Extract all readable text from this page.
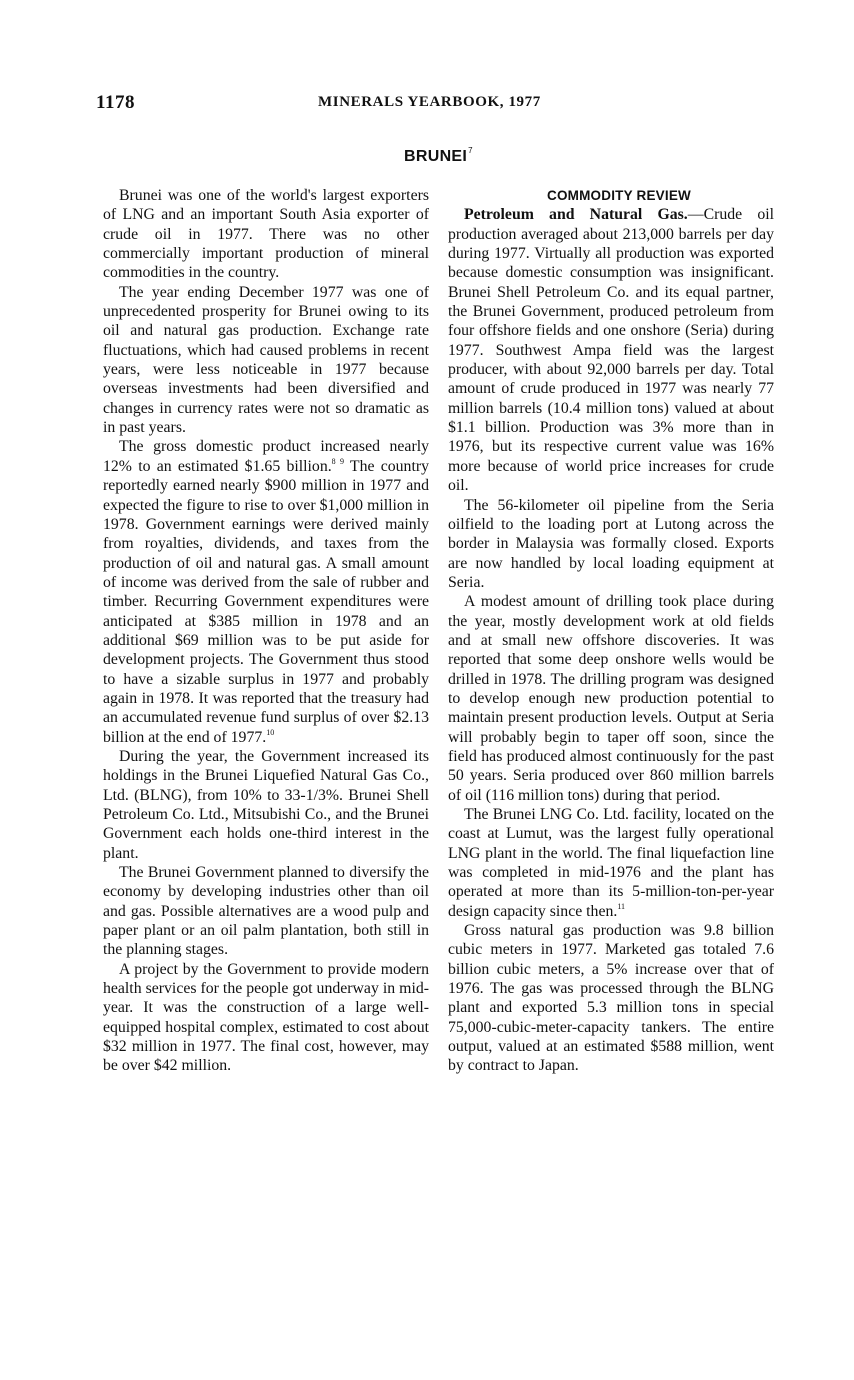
1178	MINERALS YEARBOOK, 1977
BRUNEI$^7$

Brunei was one of the world's largest exporters of LNG and an important South Asia exporter of crude oil in 1977. There was no other commercially important production of mineral commodities in the country.

The year ending December 1977 was one of unprecedented prosperity for Brunei owing to its oil and natural gas production. Exchange rate fluctuations, which had caused problems in recent years, were less noticeable in 1977 because overseas investments had been diversified and changes in currency rates were not so dramatic as in past years.

The gross domestic product increased nearly 12% to an estimated $1.65 billion.$^{8 9}$ The country reportedly earned nearly $900 million in 1977 and expected the figure to rise to over $1,000 million in 1978. Government earnings were derived mainly from royalties, dividends, and taxes from the production of oil and natural gas. A small amount of income was derived from the sale of rubber and timber. Recurring Government expenditures were anticipated at $385 million in 1978 and an additional $69 million was to be put aside for development projects. The Government thus stood to have a sizable surplus in 1977 and probably again in 1978. It was reported that the treasury had an accumulated revenue fund surplus of over $2.13 billion at the end of 1977.10

During the year, the Government increased its holdings in the Brunei Liquefied Natural Gas Co., Ltd. (BLNG), from 10% to 33-1/3%. Brunei Shell Petroleum Co. Ltd., Mitsubishi Co., and the Brunei Government each holds one-third interest in the plant.

The Brunei Government planned to diversify the economy by developing industries other than oil and gas. Possible alternatives are a wood pulp and paper plant or an oil palm plantation, both still in the planning stages.

A project by the Government to provide modern health services for the people got underway in mid-year. It was the construction of a large well-equipped hospital complex, estimated to cost about $32 million in 1977. The final cost, however, may be over $42 million.

COMMODITY REVIEW

Petroleum and Natural Gas.—Crude oil production averaged about 213,000 barrels per day during 1977. Virtually all production was exported because domestic consumption was insignificant. Brunei Shell Petroleum Co. and its equal partner, the Brunei Government, produced petroleum from four offshore fields and one onshore (Seria) during 1977. Southwest Ampa field was the largest producer, with about 92,000 barrels per day. Total amount of crude produced in 1977 was nearly 77 million barrels (10.4 million tons) valued at about $1.1 billion. Production was 3% more than in 1976, but its respective current value was 16% more because of world price increases for crude oil.

The 56-kilometer oil pipeline from the Seria oilfield to the loading port at Lutong across the border in Malaysia was formally closed. Exports are now handled by local loading equipment at Seria.

A modest amount of drilling took place during the year, mostly development work at old fields and at small new offshore discoveries. It was reported that some deep onshore wells would be drilled in 1978. The drilling program was designed to develop enough new production potential to maintain present production levels. Output at Seria will probably begin to taper off soon, since the field has produced almost continuously for the past 50 years. Seria produced over 860 million barrels of oil (116 million tons) during that period.

The Brunei LNG Co. Ltd. facility, located on the coast at Lumut, was the largest fully operational LNG plant in the world. The final liquefaction line was completed in mid-1976 and the plant has operated at more than its 5-million-ton-per-year design capacity since then.$^{11}$

Gross natural gas production was 9.8 billion cubic meters in 1977. Marketed gas totaled 7.6 billion cubic meters, a 5% increase over that of 1976. The gas was processed through the BLNG plant and exported 5.3 million tons in special 75,000-cubic-meter-capacity tankers. The entire output, valued at an estimated $588 million, went by contract to Japan.
